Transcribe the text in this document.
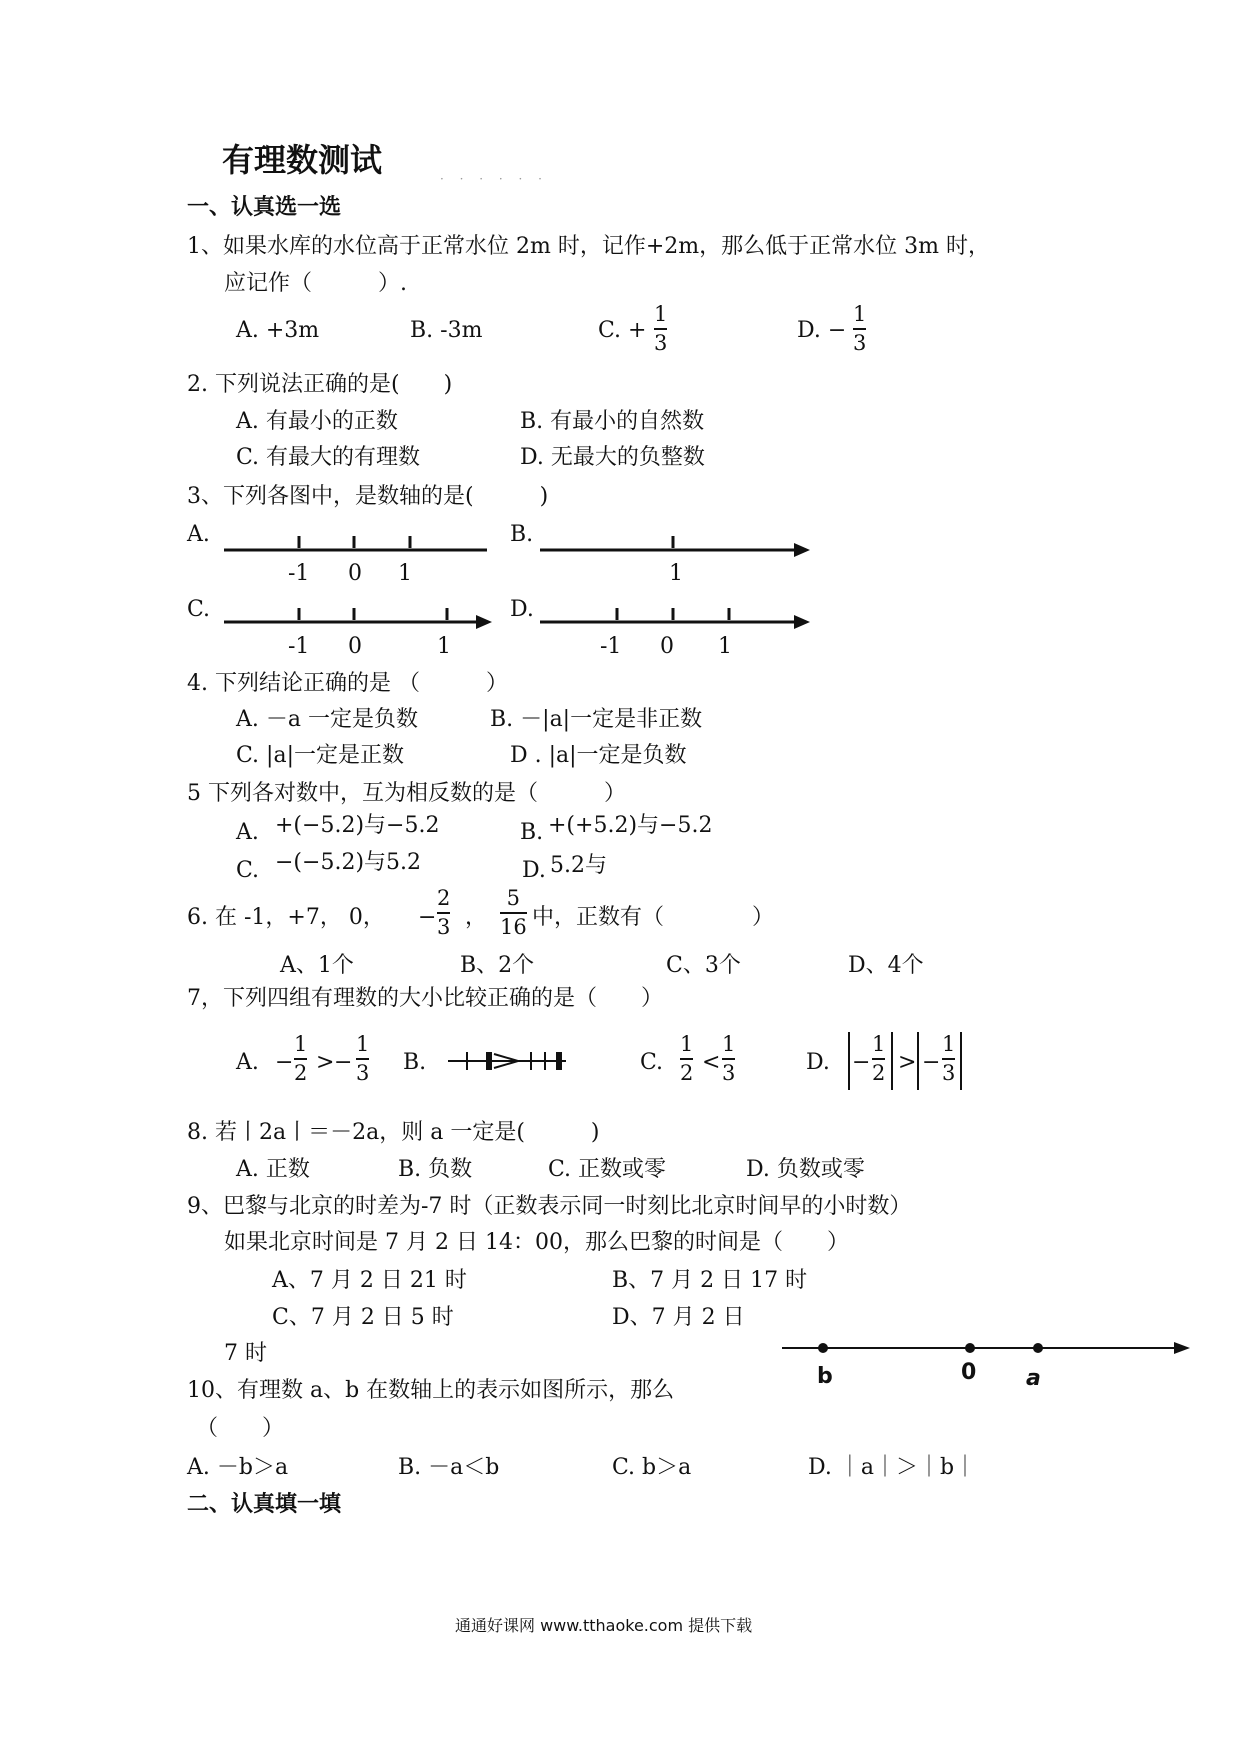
有理数测试	· · · · · ·
一、认真选一选
1、如果水库的水位高于正常水位 2m 时，记作+2m，那么低于正常水位 3m 时，
应记作（　　　）.
A. +3m	B. -3m	C. +
1
3	D. −
1
3
2. 下列说法正确的是(　　)
A. 有最小的正数	B. 有最小的自然数
C. 有最大的有理数	D. 无最大的负整数
3、下列各图中，是数轴的是(　　　)
A.
-1 0 1
B.
1
C.
-1 0	1
D.
-1 0 1
4. 下列结论正确的是 （　　　）
A. －a 一定是负数	B. －|a|一定是非正数
C. |a|一定是正数	D . |a|一定是负数
5 下列各对数中，互为相反数的是（　　　）
A. +(−5.2)与−5.2	B. +(+5.2)与−5.2
C. −(−5.2)与5.2	D. 5.2与
6. 在 -1，+7， 0， −
2
3 ，
5
16 中，正数有（　　　　）
A、1个	B、2个	C、3个	D、4个
7，下列四组有理数的大小比较正确的是（　　）
A. −
1
2 > −
1
3 B.	C.
1
2 <
1
3	D. −
1
2 > −
1
3
8. 若丨2a丨＝－2a，则 a 一定是(　　　)
A. 正数	B. 负数	C. 正数或零	D. 负数或零
9、巴黎与北京的时差为-7 时（正数表示同一时刻比北京时间早的小时数）
如果北京时间是 7 月 2 日 14：00，那么巴黎的时间是（　　）
A、7 月 2 日 21 时	B、7 月 2 日 17 时
C、7 月 2 日 5 时	D、7 月 2 日
7 时
b	0 a
10、有理数 a、b 在数轴上的表示如图所示，那么
（　　）
A. －b＞a	B. －a＜b	C. b＞a	D. ｜a｜＞｜b｜
二、认真填一填
通通好课网 www.tthaoke.com 提供下载
